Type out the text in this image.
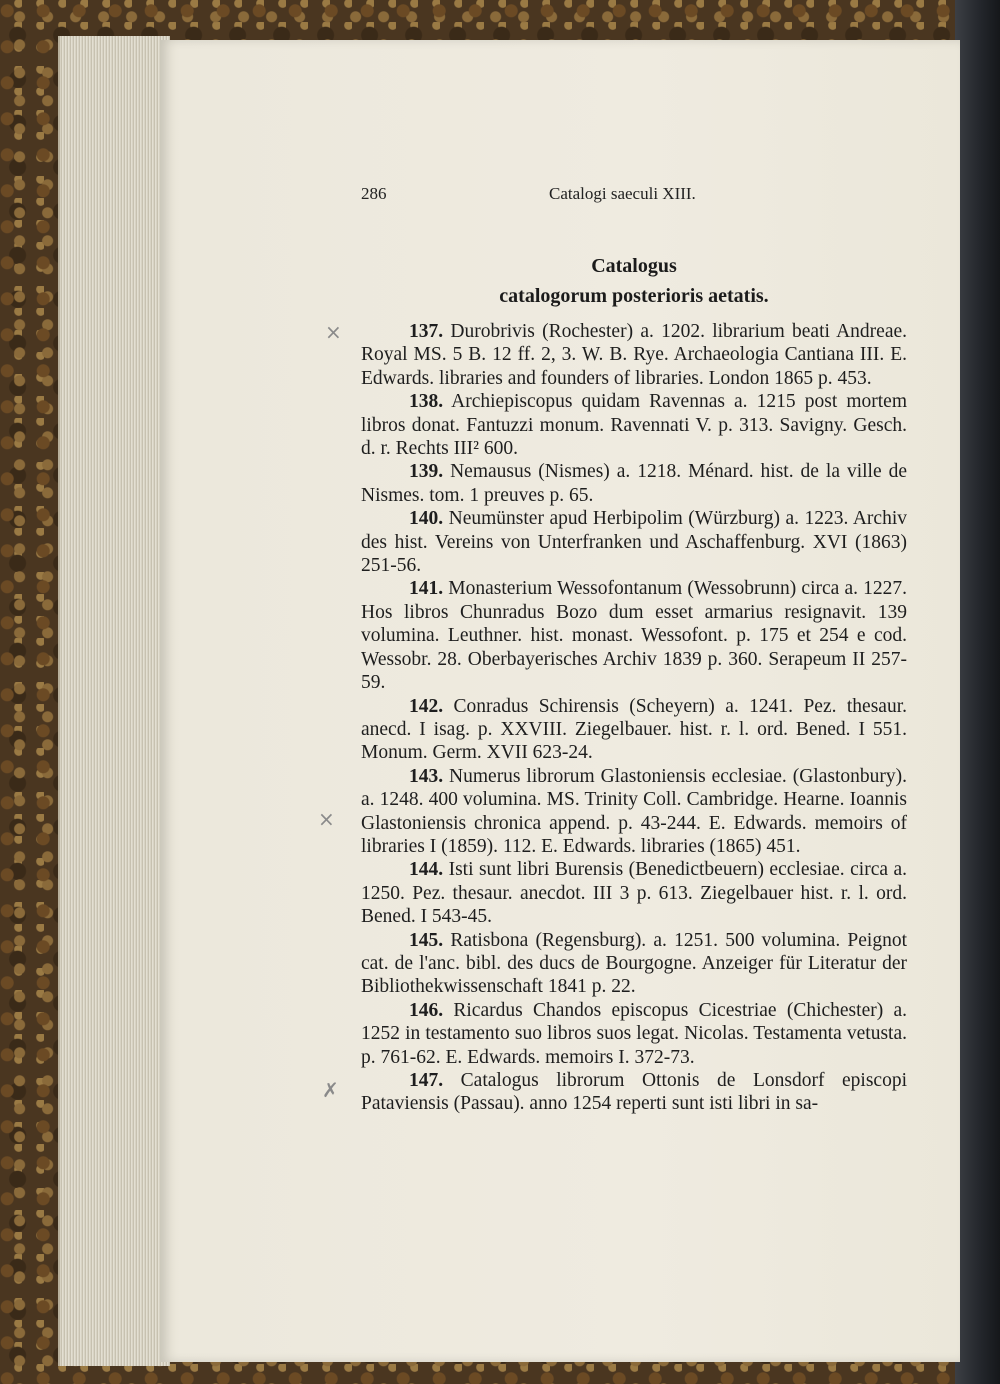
286	Catalogi saeculi XIII.
Catalogus
catalogorum posterioris aetatis.
×
×
✗

137. Durobrivis (Rochester) a. 1202. librarium beati Andreae. Royal MS. 5 B. 12 ff. 2, 3. W. B. Rye. Archaeologia Cantiana III. E. Edwards. libraries and founders of libraries. London 1865 p. 453.

138. Archiepiscopus quidam Ravennas a. 1215 post mortem libros donat. Fantuzzi monum. Ravennati V. p. 313. Savigny. Gesch. d. r. Rechts III² 600.

139. Nemausus (Nismes) a. 1218. Ménard. hist. de la ville de Nismes. tom. 1 preuves p. 65.

140. Neumünster apud Herbipolim (Würzburg) a. 1223. Archiv des hist. Vereins von Unterfranken und Aschaffenburg. XVI (1863) 251-56.

141. Monasterium Wessofontanum (Wessobrunn) circa a. 1227. Hos libros Chunradus Bozo dum esset armarius resignavit. 139 volumina. Leuthner. hist. monast. Wessofont. p. 175 et 254 e cod. Wessobr. 28. Oberbayerisches Archiv 1839 p. 360. Serapeum II 257-59.

142. Conradus Schirensis (Scheyern) a. 1241. Pez. thesaur. anecd. I isag. p. XXVIII. Ziegelbauer. hist. r. l. ord. Bened. I 551. Monum. Germ. XVII 623-24.

143. Numerus librorum Glastoniensis ecclesiae. (Glastonbury). a. 1248. 400 volumina. MS. Trinity Coll. Cambridge. Hearne. Ioannis Glastoniensis chronica append. p. 43-244. E. Edwards. memoirs of libraries I (1859). 112. E. Edwards. libraries (1865) 451.

144. Isti sunt libri Burensis (Benedictbeuern) ecclesiae. circa a. 1250. Pez. thesaur. anecdot. III 3 p. 613. Ziegelbauer hist. r. l. ord. Bened. I 543-45.

145. Ratisbona (Regensburg). a. 1251. 500 volumina. Peignot cat. de l'anc. bibl. des ducs de Bourgogne. Anzeiger für Literatur der Bibliothekwissenschaft 1841 p. 22.

146. Ricardus Chandos episcopus Cicestriae (Chichester) a. 1252 in testamento suo libros suos legat. Nicolas. Testamenta vetusta. p. 761-62. E. Edwards. memoirs I. 372-73.

147. Catalogus librorum Ottonis de Lonsdorf episcopi Pataviensis (Passau). anno 1254 reperti sunt isti libri in sa-
